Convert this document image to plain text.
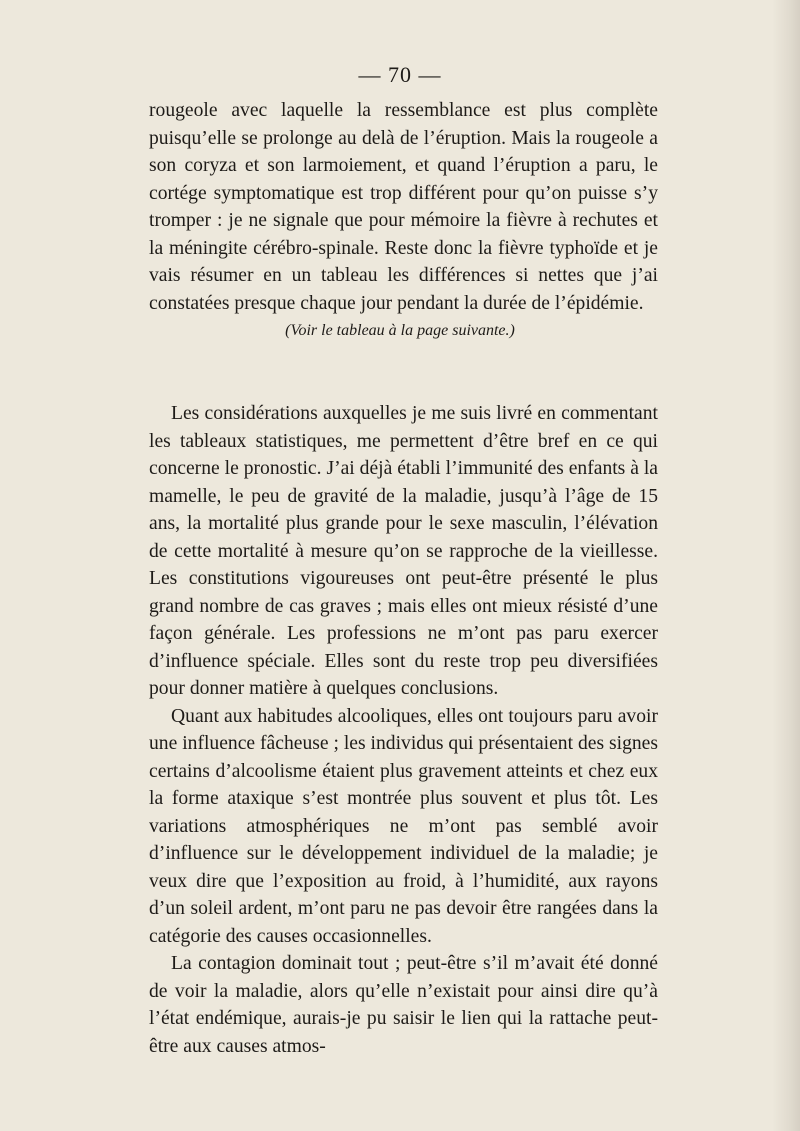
— 70 —

rougeole avec laquelle la ressemblance est plus complète puisqu’elle se prolonge au delà de l’éruption. Mais la rougeole a son coryza et son larmoiement, et quand l’éruption a paru, le cortége symptomatique est trop différent pour qu’on puisse s’y tromper : je ne signale que pour mémoire la fièvre à rechutes et la méningite cérébro-spinale. Reste donc la fièvre typhoïde et je vais résumer en un tableau les différences si nettes que j’ai constatées presque chaque jour pendant la durée de l’épidémie.

(Voir le tableau à la page suivante.)

Les considérations auxquelles je me suis livré en commentant les tableaux statistiques, me permettent d’être bref en ce qui concerne le pronostic. J’ai déjà établi l’immunité des enfants à la mamelle, le peu de gravité de la maladie, jusqu’à l’âge de 15 ans, la mortalité plus grande pour le sexe masculin, l’élévation de cette mortalité à mesure qu’on se rapproche de la vieillesse. Les constitutions vigoureuses ont peut-être présenté le plus grand nombre de cas graves ; mais elles ont mieux résisté d’une façon générale. Les professions ne m’ont pas paru exercer d’influence spéciale. Elles sont du reste trop peu diversifiées pour donner matière à quelques conclusions.

Quant aux habitudes alcooliques, elles ont toujours paru avoir une influence fâcheuse ; les individus qui présentaient des signes certains d’alcoolisme étaient plus gravement atteints et chez eux la forme ataxique s’est montrée plus souvent et plus tôt. Les variations atmosphériques ne m’ont pas semblé avoir d’influence sur le développement individuel de la maladie; je veux dire que l’exposition au froid, à l’humidité, aux rayons d’un soleil ardent, m’ont paru ne pas devoir être rangées dans la catégorie des causes occasionnelles.

La contagion dominait tout ; peut-être s’il m’avait été donné de voir la maladie, alors qu’elle n’existait pour ainsi dire qu’à l’état endémique, aurais-je pu saisir le lien qui la rattache peut-être aux causes atmos-
